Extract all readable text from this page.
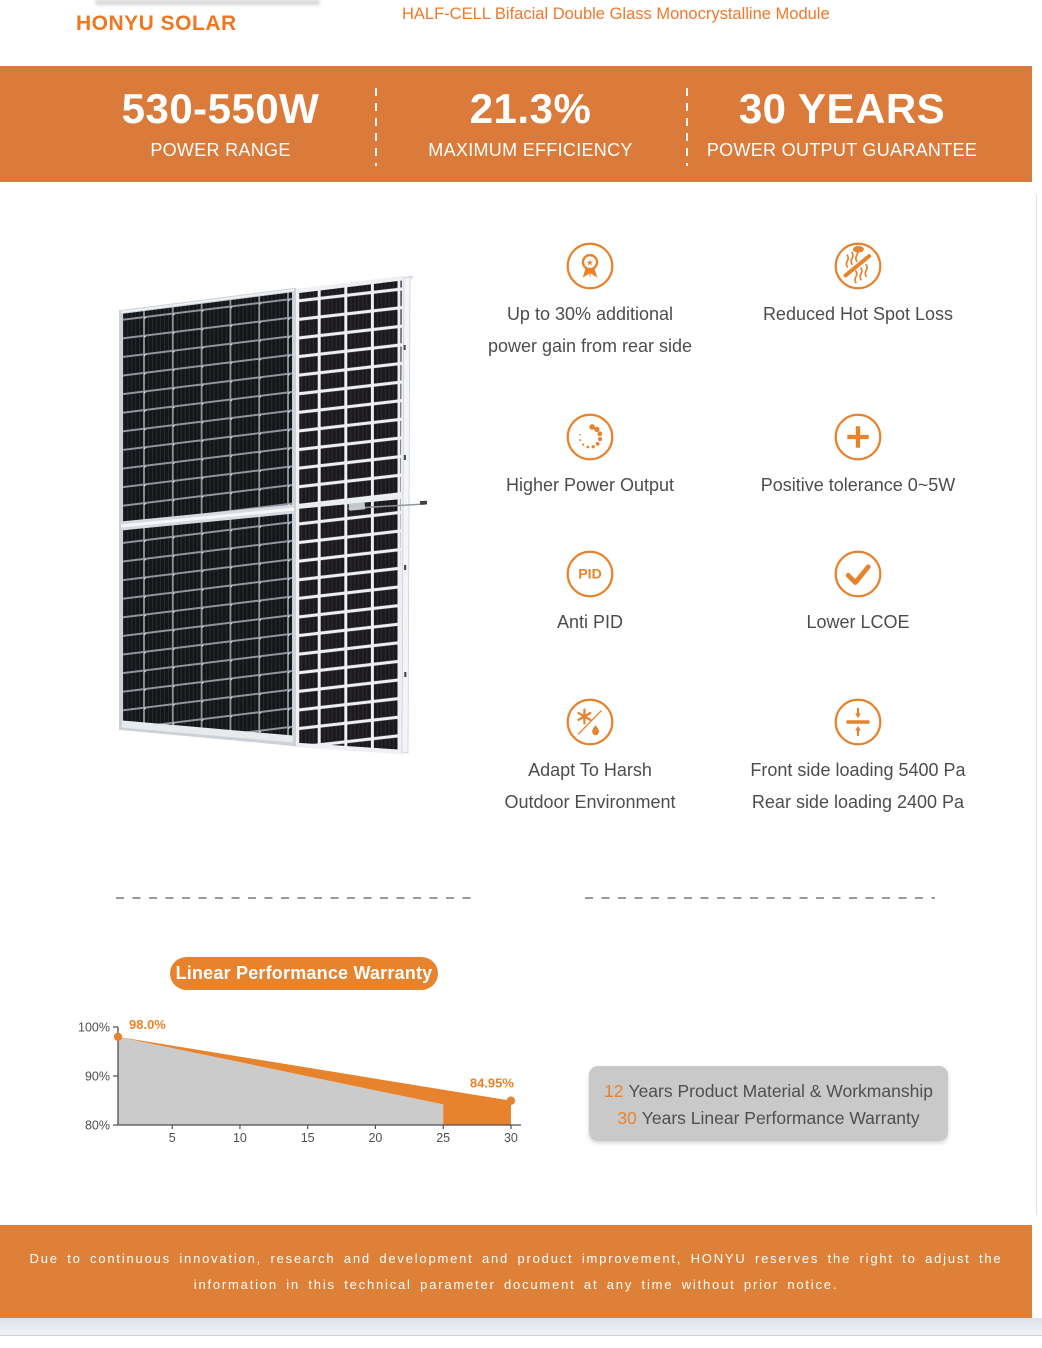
HONYU SOLAR	HALF-CELL Bifacial Double Glass Monocrystalline Module
530-550W
POWER RANGE
21.3%
MAXIMUM EFFICIENCY
30 YEARS
POWER OUTPUT GUARANTEE
★
Up to 30% additional
power gain from rear side
Reduced Hot Spot Loss
Higher Power Output	Positive tolerance 0~5W
PID
Anti PID	Lower LCOE
Adapt To Harsh
Outdoor Environment
Front side loading 5400 Pa
Rear side loading 2400 Pa
Linear Performance Warranty
100%
90%
80%
5	10	15	20	25	30
98.0%
84.95%	12 Years Product Material & Workmanship
30 Years Linear Performance Warranty
Due to continuous innovation, research and development and product improvement, HONYU reserves the right to adjust the
information in this technical parameter document at any time without prior notice.
